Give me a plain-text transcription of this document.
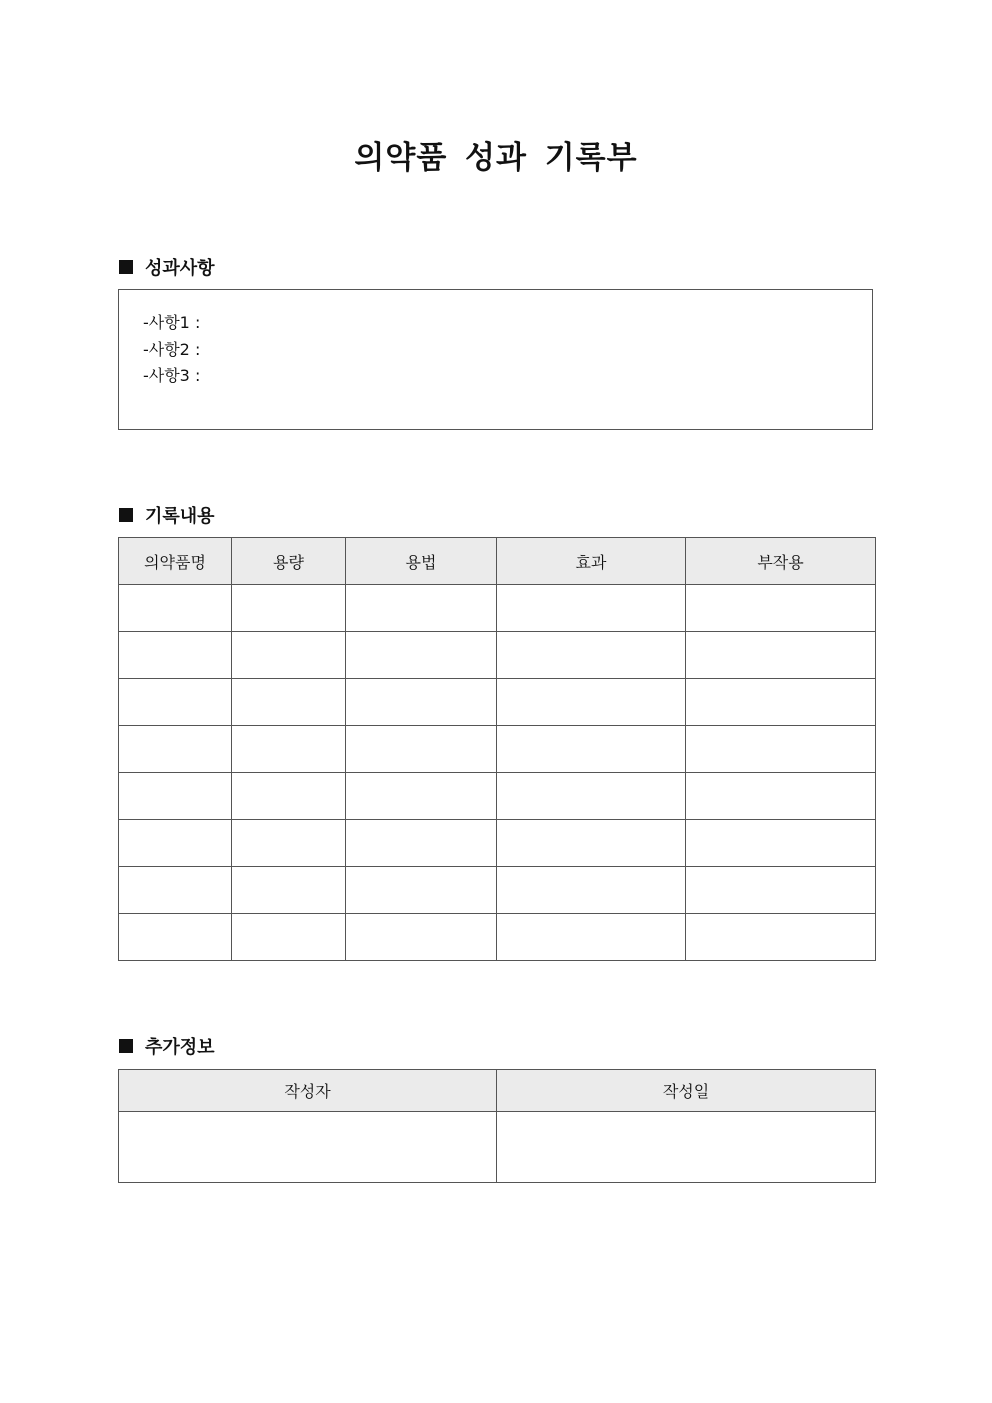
의약품 성과 기록부
성과사항
-사항1 :
-사항2 :
-사항3 :
기록내용
의약품명	용량	용법	효과	부작용

추가정보
작성자	작성일
